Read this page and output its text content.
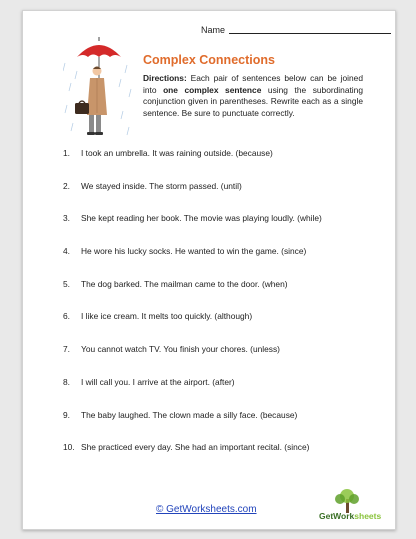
Name
Complex Connections

Directions: Each pair of sentences below can be joined into one complex sentence using the subordinating conjunction given in parentheses. Rewrite each as a single sentence. Be sure to punctuate correctly.

1.	I took an umbrella. It was raining outside. (because)
2.	We stayed inside. The storm passed. (until)
3.	She kept reading her book. The movie was playing loudly. (while)
4.	He wore his lucky socks. He wanted to win the game. (since)
5.	The dog barked. The mailman came to the door. (when)
6.	I like ice cream. It melts too quickly. (although)
7.	You cannot watch TV. You finish your chores. (unless)
8.	I will call you. I arrive at the airport. (after)
9.	The baby laughed. The clown made a silly face. (because)
10. She practiced every day. She had an important recital. (since)
© GetWorksheets.com
GetWorksheets
